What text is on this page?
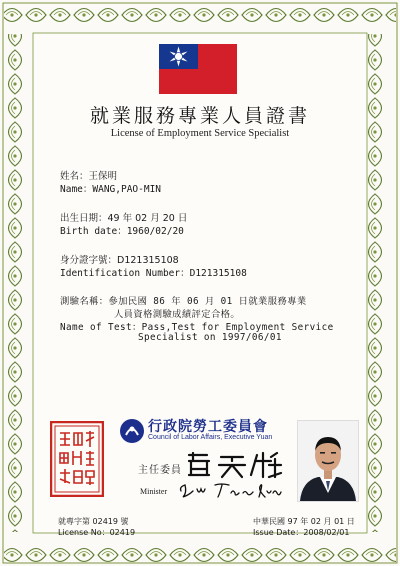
就業服務專業人員證書
License of Employment Service Specialist
姓名：王保明
Name：WANG,PAO-MIN
出生日期：49 年 02 月 20 日
Birth date：1960/02/20
身分證字號：D121315108
Identification Number：D121315108
測驗名稱：參加民國 86 年 06 月 01 日就業服務專業
人員資格測驗成績評定合格。
Name of Test：Pass,Test for Employment Service
Specialist on 1997/06/01
行政院勞工委員會
Council of Labor Affairs, Executive Yuan
主任委員
Minister
就專字第 02419 號
License No：02419
中華民國 97 年 02 月 01 日
Issue Date：2008/02/01
